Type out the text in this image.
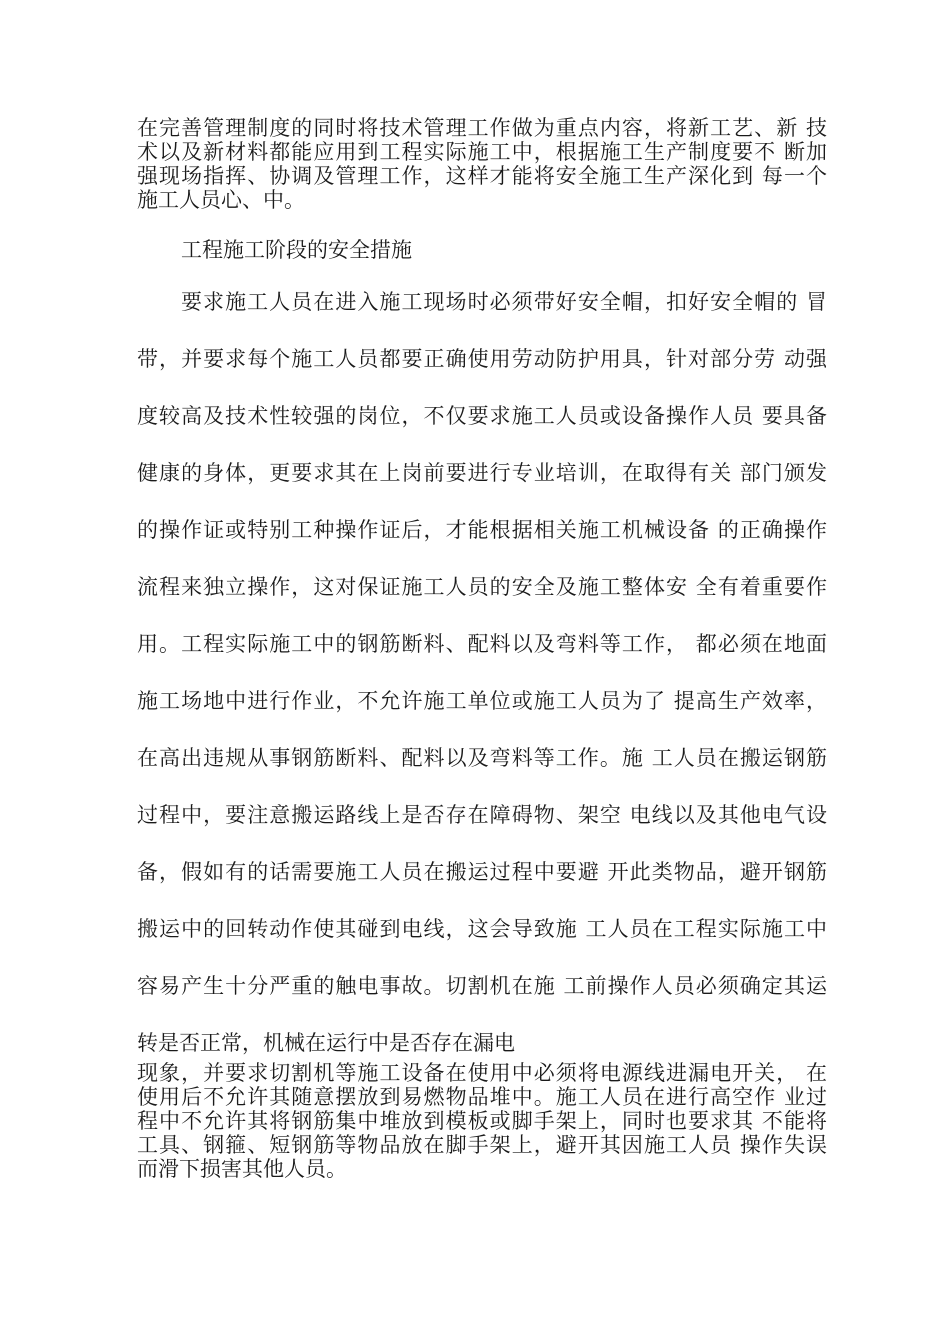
在完善管理制度的同时将技术管理工作做为重点内容，将新工艺、新 技
术以及新材料都能应用到工程实际施工中，根据施工生产制度要不 断加
强现场指挥、协调及管理工作，这样才能将安全施工生产深化到 每一个
施工人员心、中。
工程施工阶段的安全措施
要求施工人员在进入施工现场时必须带好安全帽，扣好安全帽的 冒
带，并要求每个施工人员都要正确使用劳动防护用具，针对部分劳 动强
度较高及技术性较强的岗位，不仅要求施工人员或设备操作人员 要具备
健康的身体，更要求其在上岗前要进行专业培训，在取得有关 部门颁发
的操作证或特别工种操作证后，才能根据相关施工机械设备 的正确操作
流程来独立操作，这对保证施工人员的安全及施工整体安 全有着重要作
用。工程实际施工中的钢筋断料、配料以及弯料等工作， 都必须在地面
施工场地中进行作业，不允许施工单位或施工人员为了 提高生产效率，
在高出违规从事钢筋断料、配料以及弯料等工作。施 工人员在搬运钢筋
过程中，要注意搬运路线上是否存在障碍物、架空 电线以及其他电气设
备，假如有的话需要施工人员在搬运过程中要避 开此类物品，避开钢筋
搬运中的回转动作使其碰到电线，这会导致施 工人员在工程实际施工中
容易产生十分严重的触电事故。切割机在施 工前操作人员必须确定其运
转是否正常，机械在运行中是否存在漏电
现象，并要求切割机等施工设备在使用中必须将电源线进漏电开关， 在
使用后不允许其随意摆放到易燃物品堆中。施工人员在进行高空作 业过
程中不允许其将钢筋集中堆放到模板或脚手架上，同时也要求其 不能将
工具、钢箍、短钢筋等物品放在脚手架上，避开其因施工人员 操作失误
而滑下损害其他人员。
